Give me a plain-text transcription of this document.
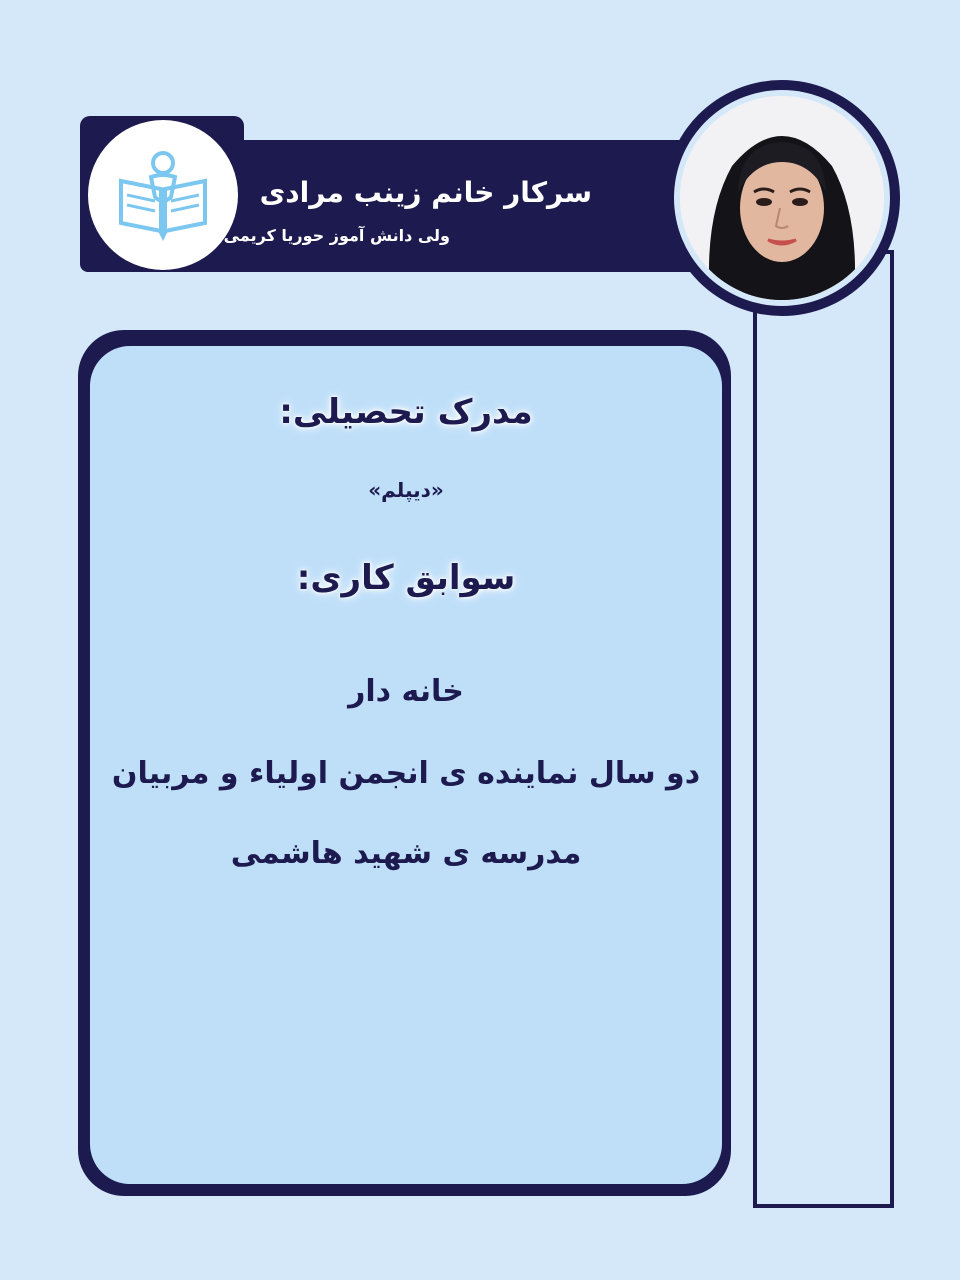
سرکار خانم زینب مرادی
ولی دانش آموز حوریا کریمی
مدرک تحصیلی:
«دیپلم»
سوابق کاری:
خانه دار
دو سال نماینده ی انجمن اولیاء و مربیان
مدرسه ی شهید هاشمی
